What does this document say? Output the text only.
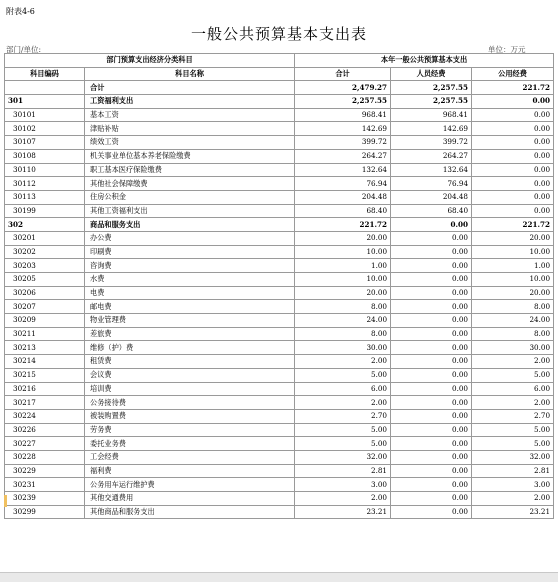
附表4-6
一般公共预算基本支出表
部门/单位:	单位：万元
部门预算支出经济分类科目		本年一般公共预算基本支出		
科目编码	科目名称	合计	人员经费	公用经费
	合计	2,479.27	2,257.55	221.72
301	工资福利支出	2,257.55	2,257.55	0.00
30101	基本工资	968.41	968.41	0.00
30102	津贴补贴	142.69	142.69	0.00
30107	绩效工资	399.72	399.72	0.00
30108	机关事业单位基本养老保险缴费	264.27	264.27	0.00
30110	职工基本医疗保险缴费	132.64	132.64	0.00
30112	其他社会保障缴费	76.94	76.94	0.00
30113	住房公积金	204.48	204.48	0.00
30199	其他工资福利支出	68.40	68.40	0.00
302	商品和服务支出	221.72	0.00	221.72
30201	办公费	20.00	0.00	20.00
30202	印刷费	10.00	0.00	10.00
30203	咨询费	1.00	0.00	1.00
30205	水费	10.00	0.00	10.00
30206	电费	20.00	0.00	20.00
30207	邮电费	8.00	0.00	8.00
30209	物业管理费	24.00	0.00	24.00
30211	差旅费	8.00	0.00	8.00
30213	维修（护）费	30.00	0.00	30.00
30214	租赁费	2.00	0.00	2.00
30215	会议费	5.00	0.00	5.00
30216	培训费	6.00	0.00	6.00
30217	公务接待费	2.00	0.00	2.00
30224	被装购置费	2.70	0.00	2.70
30226	劳务费	5.00	0.00	5.00
30227	委托业务费	5.00	0.00	5.00
30228	工会经费	32.00	0.00	32.00
30229	福利费	2.81	0.00	2.81
30231	公务用车运行维护费	3.00	0.00	3.00
30239	其他交通费用	2.00	0.00	2.00
30299	其他商品和服务支出	23.21	0.00	23.21
